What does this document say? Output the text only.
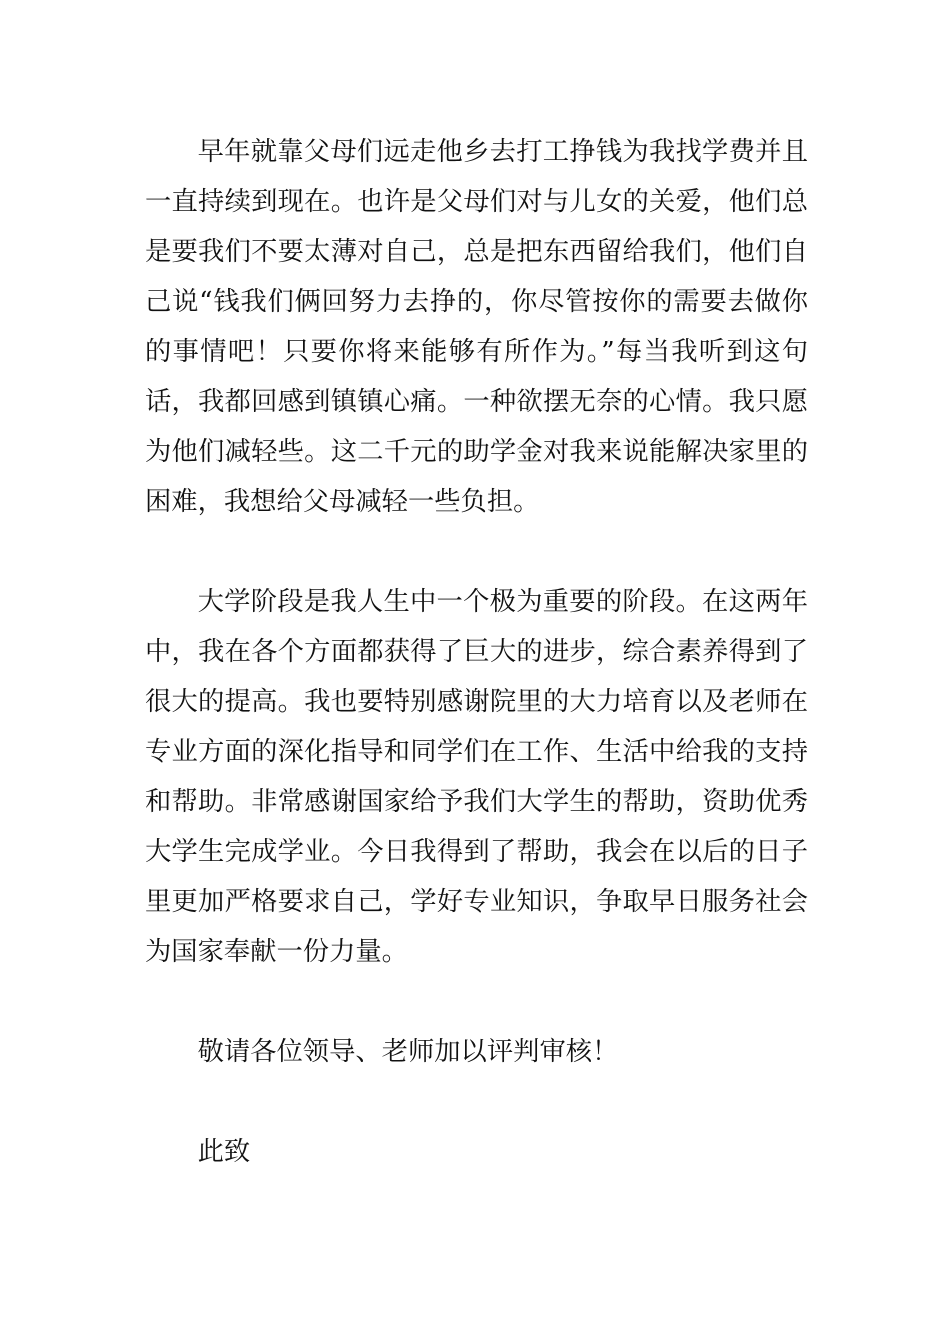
早年就靠父母们远走他乡去打工挣钱为我找学费并且一直持续到现在。也许是父母们对与儿女的关爱，他们总是要我们不要太薄对自己，总是把东西留给我们，他们自己说“钱我们俩回努力去挣的，你尽管按你的需要去做你的事情吧！只要你将来能够有所作为。”每当我听到这句话，我都回感到镇镇心痛。一种欲摆无奈的心情。我只愿为他们减轻些。这二千元的助学金对我来说能解决家里的困难，我想给父母减轻一些负担。

大学阶段是我人生中一个极为重要的阶段。在这两年中，我在各个方面都获得了巨大的进步，综合素养得到了很大的提高。我也要特别感谢院里的大力培育以及老师在专业方面的深化指导和同学们在工作、生活中给我的支持和帮助。非常感谢国家给予我们大学生的帮助，资助优秀大学生完成学业。今日我得到了帮助，我会在以后的日子里更加严格要求自己，学好专业知识，争取早日服务社会为国家奉献一份力量。

敬请各位领导、老师加以评判审核！

此致
